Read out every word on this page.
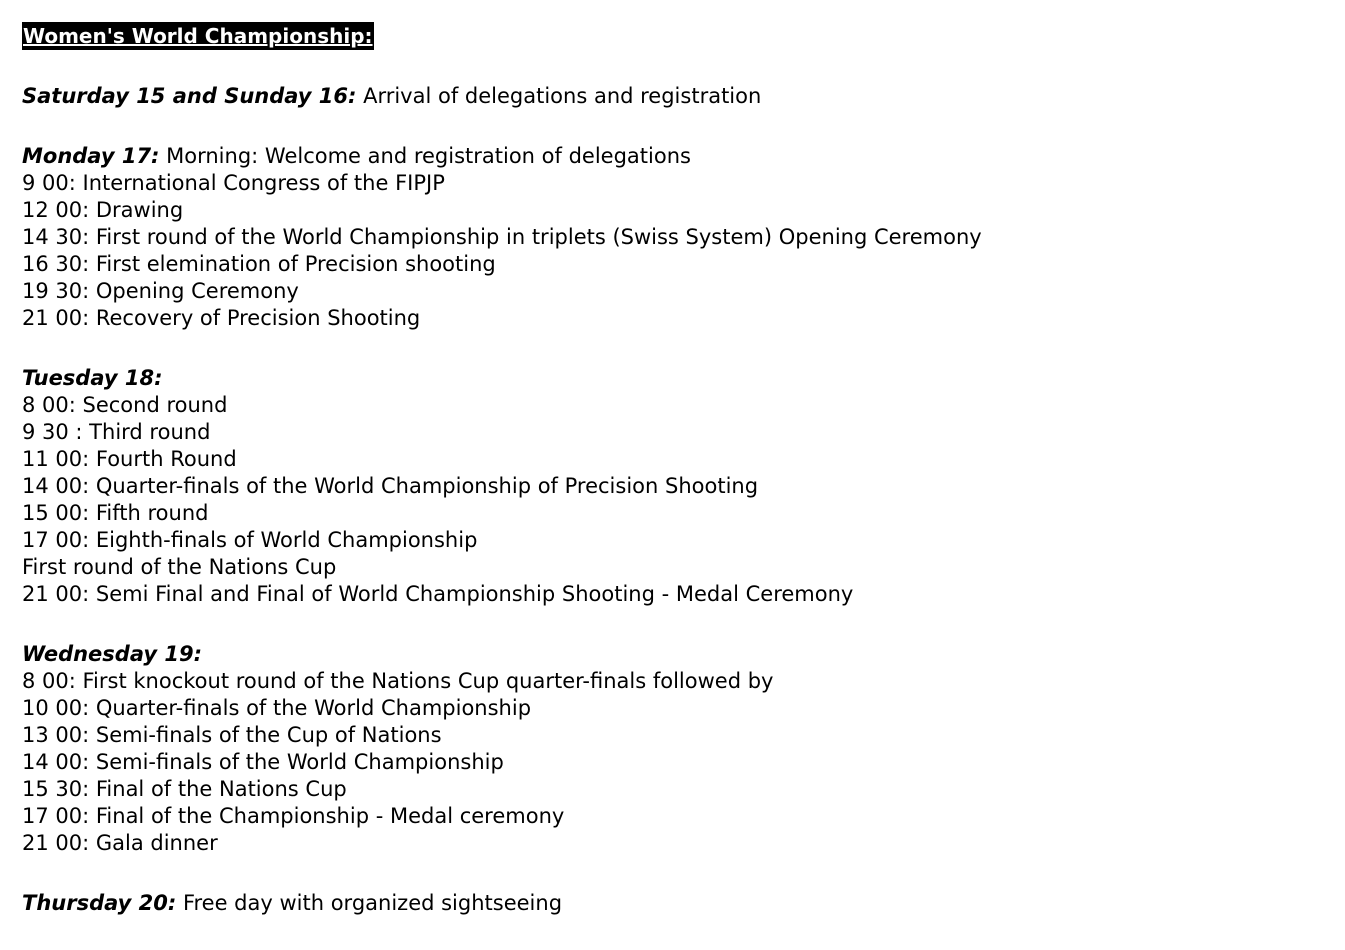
Women's World Championship:
Saturday 15 and Sunday 16: Arrival of delegations and registration
Monday 17: Morning: Welcome and registration of delegations
9 00: International Congress of the FIPJP
12 00: Drawing
14 30: First round of the World Championship in triplets (Swiss System) Opening Ceremony
16 30: First elemination of Precision shooting
19 30: Opening Ceremony
21 00: Recovery of Precision Shooting
Tuesday 18:
8 00: Second round
9 30 : Third round
11 00: Fourth Round
14 00: Quarter-finals of the World Championship of Precision Shooting
15 00: Fifth round
17 00: Eighth-finals of World Championship
First round of the Nations Cup
21 00: Semi Final and Final of World Championship Shooting - Medal Ceremony
Wednesday 19:
8 00: First knockout round of the Nations Cup quarter-finals followed by
10 00: Quarter-finals of the World Championship
13 00: Semi-finals of the Cup of Nations
14 00: Semi-finals of the World Championship
15 30: Final of the Nations Cup
17 00: Final of the Championship - Medal ceremony
21 00: Gala dinner
Thursday 20: Free day with organized sightseeing
